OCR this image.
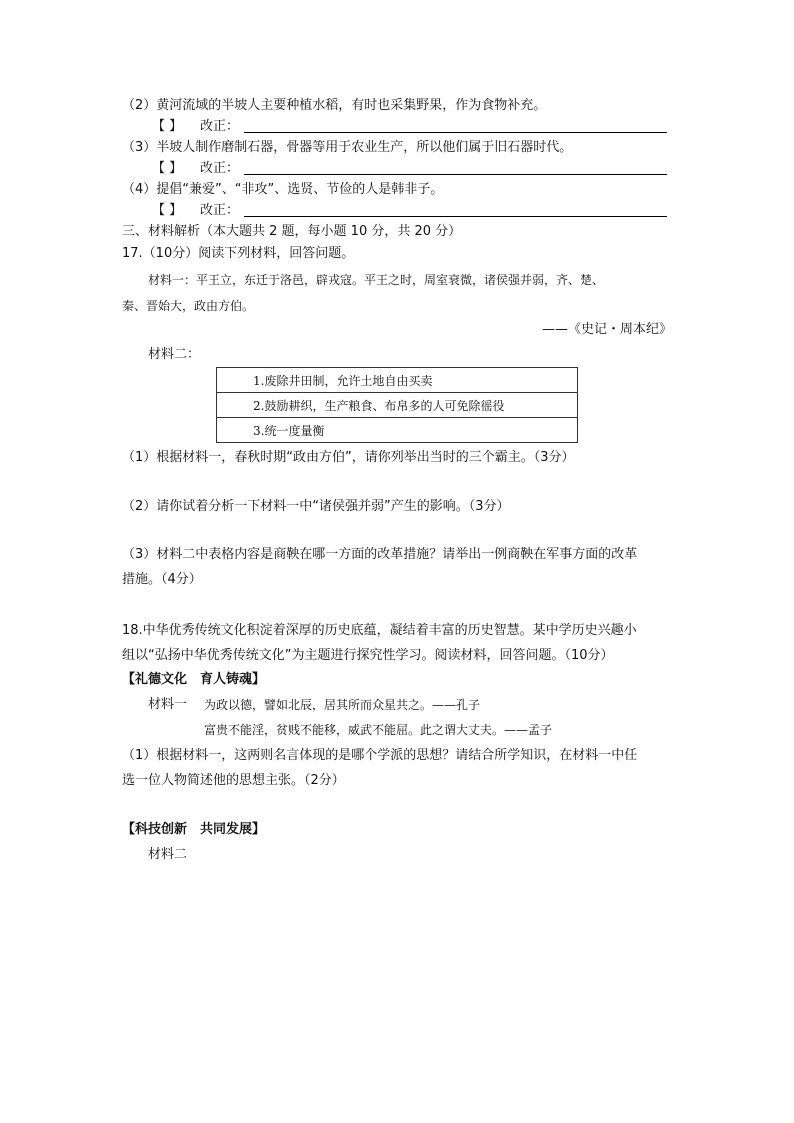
（2）黄河流域的半坡人主要种植水稻，有时也采集野果，作为食物补充。
【 】 改正：
（3）半坡人制作磨制石器，骨器等用于农业生产，所以他们属于旧石器时代。
【 】 改正：
（4）提倡“兼爱”、“非攻”、选贤、节俭的人是韩非子。
【 】 改正：
三、材料解析（本大题共 2 题，每小题 10 分，共 20 分）
17.（10分）阅读下列材料，回答问题。
材料一：平王立，东迁于洛邑，辟戎寇。平王之时，周室衰微，诸侯强并弱，齐、楚、
秦、晋始大，政由方伯。
——《史记・周本纪》
材料二：
1.废除井田制，允许土地自由买卖
2.鼓励耕织，生产粮食、布帛多的人可免除徭役
3.统一度量衡
（1）根据材料一，春秋时期“政由方伯”，请你列举出当时的三个霸主。（3分）
（2）请你试着分析一下材料一中“诸侯强并弱”产生的影响。（3分）
（3）材料二中表格内容是商鞅在哪一方面的改革措施？请举出一例商鞅在军事方面的改革
措施。（4分）
18.中华优秀传统文化积淀着深厚的历史底蕴，凝结着丰富的历史智慧。某中学历史兴趣小
组以“弘扬中华优秀传统文化”为主题进行探究性学习。阅读材料，回答问题。（10分）
【礼德文化　育人铸魂】
材料一 为政以德，譬如北辰，居其所而众星共之。——孔子
富贵不能淫，贫贱不能移，威武不能屈。此之谓大丈夫。——孟子
（1）根据材料一，这两则名言体现的是哪个学派的思想？请结合所学知识，在材料一中任
选一位人物简述他的思想主张。（2分）
【科技创新　共同发展】
材料二
